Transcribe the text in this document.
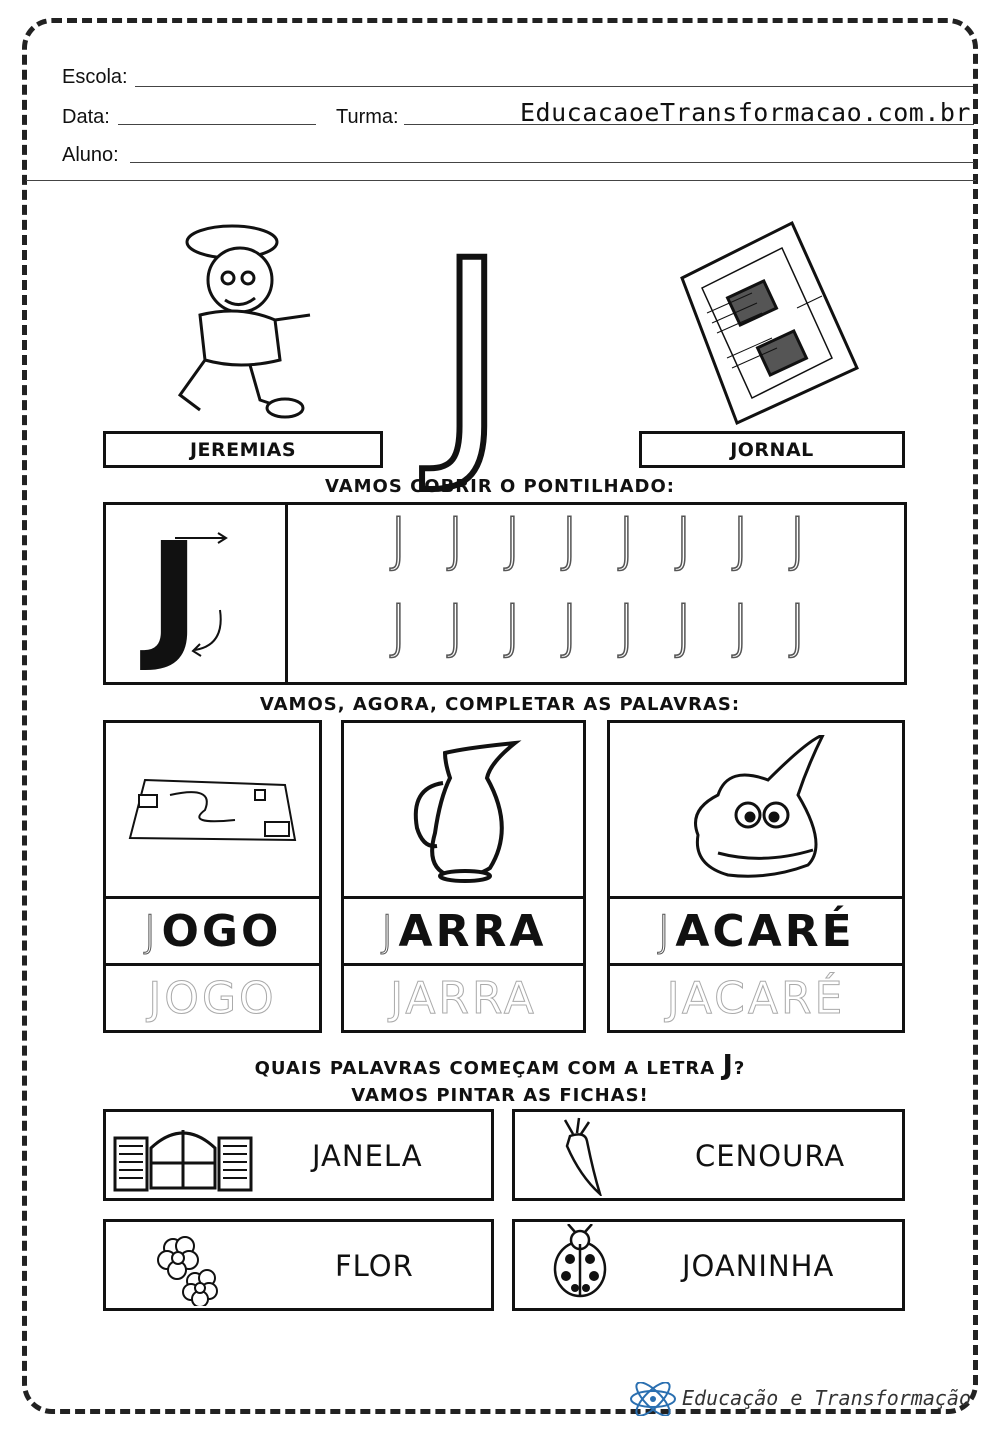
Escola:
Data:	Turma:	EducacaoeTransformacao.com.br
Aluno:
J
JEREMIAS	JORNAL
VAMOS COBRIR O PONTILHADO:
J	J J J J J J J J
J J J J J J J J
VAMOS, AGORA, COMPLETAR AS PALAVRAS:
J OGO
JOGO
J ARRA
JARRA
J ACARÉ
JACARÉ
QUAIS PALAVRAS COMEÇAM COM A LETRA J?
VAMOS PINTAR AS FICHAS!
JANELA	CENOURA
FLOR	JOANINHA
Educação e Transformação
